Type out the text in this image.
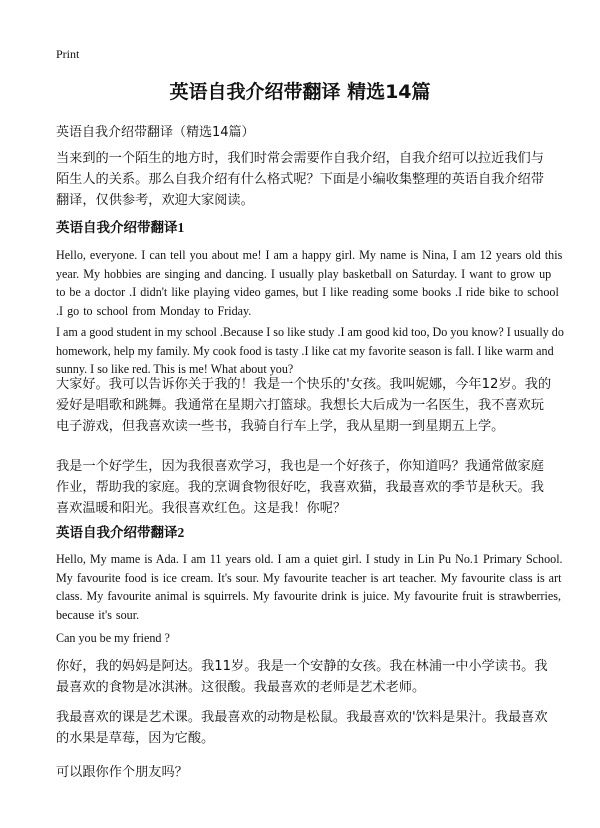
Print
英语自我介绍带翻译 精选14篇
英语自我介绍带翻译（精选14篇）

当来到的一个陌生的地方时，我们时常会需要作自我介绍，自我介绍可以拉近我们与陌生人的关系。那么自我介绍有什么格式呢？下面是小编收集整理的英语自我介绍带翻译，仅供参考，欢迎大家阅读。

英语自我介绍带翻译1

Hello, everyone. I can tell you about me! I am a happy girl. My name is Nina, I am 12 years old this year. My hobbies are singing and dancing. I usually play basketball on Saturday. I want to grow up to be a doctor .I didn't like playing video games, but I like reading some books .I ride bike to school .I go to school from Monday to Friday.

I am a good student in my school .Because I so like study .I am good kid too, Do you know? I usually do homework, help my family. My cook food is tasty .I like cat my favorite season is fall. I like warm and sunny. I so like red. This is me! What about you?

大家好。我可以告诉你关于我的！我是一个快乐的'女孩。我叫妮娜，今年12岁。我的爱好是唱歌和跳舞。我通常在星期六打篮球。我想长大后成为一名医生，我不喜欢玩电子游戏，但我喜欢读一些书，我骑自行车上学，我从星期一到星期五上学。

我是一个好学生，因为我很喜欢学习，我也是一个好孩子，你知道吗？我通常做家庭作业，帮助我的家庭。我的烹调食物很好吃，我喜欢猫，我最喜欢的季节是秋天。我喜欢温暖和阳光。我很喜欢红色。这是我！你呢？

英语自我介绍带翻译2

Hello, My mame is Ada. I am 11 years old. I am a quiet girl. I study in Lin Pu No.1 Primary School. My favourite food is ice cream. It's sour. My favourite teacher is art teacher. My favourite class is art class. My favourite animal is squirrels. My favourite drink is juice. My favourite fruit is strawberries, because it's sour.

Can you be my friend ?

你好，我的妈妈是阿达。我11岁。我是一个安静的女孩。我在林浦一中小学读书。我最喜欢的食物是冰淇淋。这很酸。我最喜欢的老师是艺术老师。

我最喜欢的课是艺术课。我最喜欢的动物是松鼠。我最喜欢的'饮料是果汁。我最喜欢的水果是草莓，因为它酸。

可以跟你作个朋友吗？
